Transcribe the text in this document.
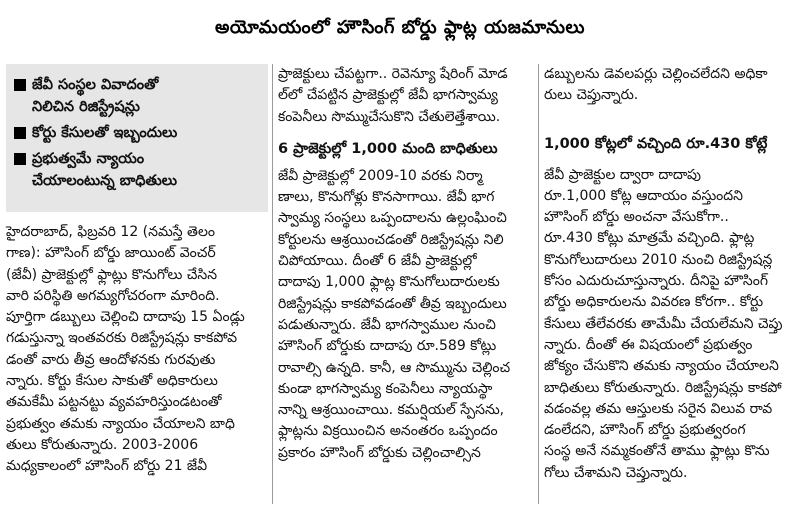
అయోమయంలో హౌసింగ్ బోర్డు ఫ్లాట్ల యజమానులు
జేవీ సంస్థల వివాదంతో
నిలిచిన రిజిస్ట్రేషన్లు
కోర్టు కేసులతో ఇబ్బందులు
ప్రభుత్వమే న్యాయం
చేయాలంటున్న బాధితులు
హైదరాబాద్, ఫిబ్రవరి 12 (నమస్తే తెలం
గాణ): హౌసింగ్ బోర్డు జాయింట్ వెంచర్
(జేవీ) ప్రాజెక్టుల్లో ఫ్లాట్లు కొనుగోలు చేసిన
వారి పరిస్థితి అగమ్యగోచరంగా మారింది.
పూర్తిగా డబ్బులు చెల్లించి దాదాపు 15 ఏండ్లు
గడుస్తున్నా ఇంతవరకు రిజిస్ట్రేషన్లు కాకపోవ
డంతో వారు తీవ్ర ఆందోళనకు గురవుతు
న్నారు. కోర్టు కేసుల సాకుతో అధికారులు
తమకేమీ పట్టనట్టు వ్యవహరిస్తుండటంతో
ప్రభుత్వం తమకు న్యాయం చేయాలని బాధి
తులు కోరుతున్నారు. 2003-2006
మధ్యకాలంలో హౌసింగ్ బోర్డు 21 జేవీ
ప్రాజెక్టులు చేపట్టగా.. రెవెన్యూ షేరింగ్ మోడ
ల్‌లో చేపట్టిన ప్రాజెక్టుల్లో జేవీ భాగస్వామ్య
కంపెనీలు సొమ్ముచేసుకొని చేతులెత్తేశాయి.
6 ప్రాజెక్టుల్లో 1,000 మంది బాధితులు
జేవీ ప్రాజెక్టుల్లో 2009-10 వరకు నిర్మా
ణాలు, కొనుగోళ్లు కొనసాగాయి. జేవీ భాగ
స్వామ్య సంస్థలు ఒప్పందాలను ఉల్లంఘించి
కోర్టులను ఆశ్రయించడంతో రిజిస్ట్రేషన్లు నిలి
చిపోయాయి. దీంతో 6 జేవీ ప్రాజెక్టుల్లో
దాదాపు 1,000 ఫ్లాట్ల కొనుగోలుదారులకు
రిజిస్ట్రేషన్లు కాకపోవడంతో తీవ్ర ఇబ్బందులు
పడుతున్నారు. జేవీ భాగస్వాముల నుంచి
హౌసింగ్ బోర్డుకు దాదాపు రూ.589 కోట్లు
రావాల్సి ఉన్నది. కానీ, ఆ సొమ్మును చెల్లించ
కుండా భాగస్వామ్య కంపెనీలు న్యాయస్థా
నాన్ని ఆశ్రయించాయి. కమర్షియల్ స్పేసను,
ఫ్లాట్లను విక్రయించిన అనంతరం ఒప్పందం
ప్రకారం హౌసింగ్ బోర్డుకు చెల్లించాల్సిన
డబ్బులను డెవలపర్లు చెల్లించలేదని అధికా
రులు చెప్తున్నారు.
1,000 కోట్లలో వచ్చింది రూ.430 కోట్లే
జేవీ ప్రాజెక్టుల ద్వారా దాదాపు
రూ.1,000 కోట్ల ఆదాయం వస్తుందని
హౌసింగ్ బోర్డు అంచనా వేసుకోగా..
రూ.430 కోట్లు మాత్రమే వచ్చింది. ఫ్లాట్ల
కొనుగోలుదారులు 2010 నుంచి రిజిస్ట్రేషన్ల
కోసం ఎదురుచూస్తున్నారు. దీనిపై హౌసింగ్
బోర్డు అధికారులను వివరణ కోరగా.. కోర్టు
కేసులు తేలేవరకు తామేమీ చేయలేమని చెప్తు
న్నారు. దీంతో ఈ విషయంలో ప్రభుత్వం
జోక్యం చేసుకొని తమకు న్యాయం చేయాలని
బాధితులు కోరుతున్నారు. రిజిస్ట్రేషన్లు కాకపో
వడంవల్ల తమ ఆస్తులకు సరైన విలువ రావ
డంలేదని, హౌసింగ్ బోర్డు ప్రభుత్వరంగ
సంస్థ అనే నమ్మకంతోనే తాము ఫ్లాట్లు కొను
గోలు చేశామని చెప్తున్నారు.
